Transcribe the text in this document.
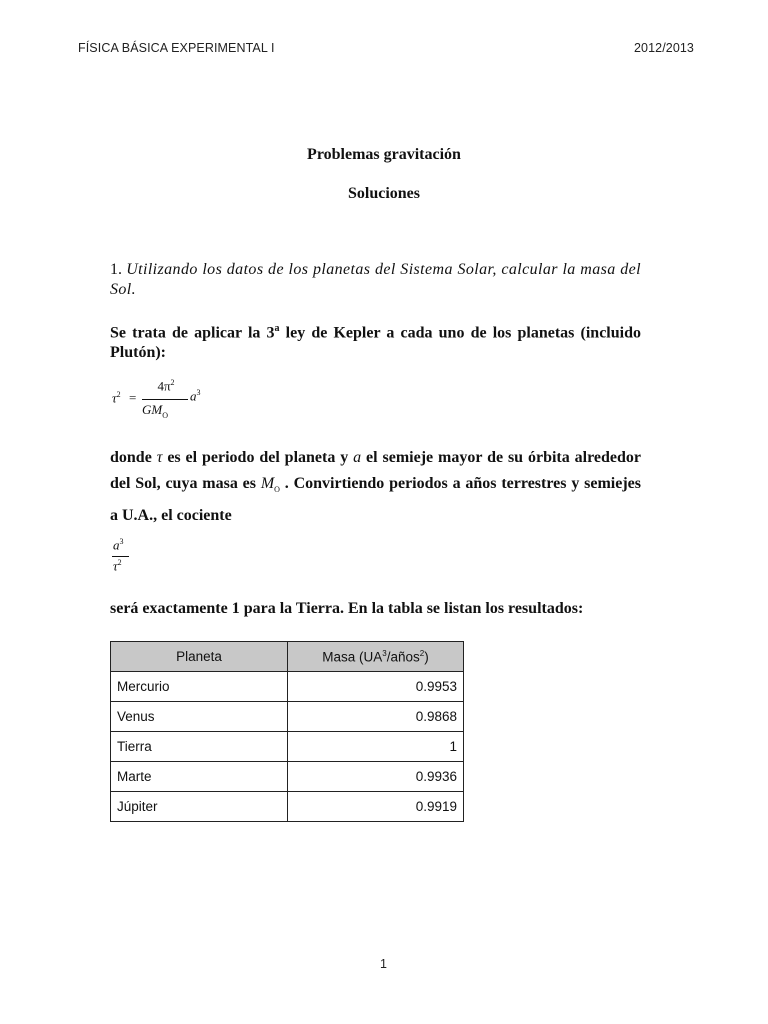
FÍSICA BÁSICA EXPERIMENTAL I	2012/2013
Problemas gravitación
Soluciones
1. Utilizando los datos de los planetas del Sistema Solar, calcular la masa del Sol.
Se trata de aplicar la 3$^a$ ley de Kepler a cada uno de los planetas (incluido Plutón):
$\tau^2$ =
$4\pi^2$
$GM_O$
$a^3$
donde τ es el periodo del planeta y a el semieje mayor de su órbita alrededor del Sol, cuya masa es $M_O$ . Convirtiendo periodos a años terrestres y semiejes a U.A., el cociente
$a^3$
$\tau^2$
será exactamente 1 para la Tierra. En la tabla se listan los resultados:
Planeta	Masa $(UA^3/años^2)$
Mercurio	0.9953
Venus	0.9868
Tierra	1
Marte	0.9936
Júpiter	0.9919
1
